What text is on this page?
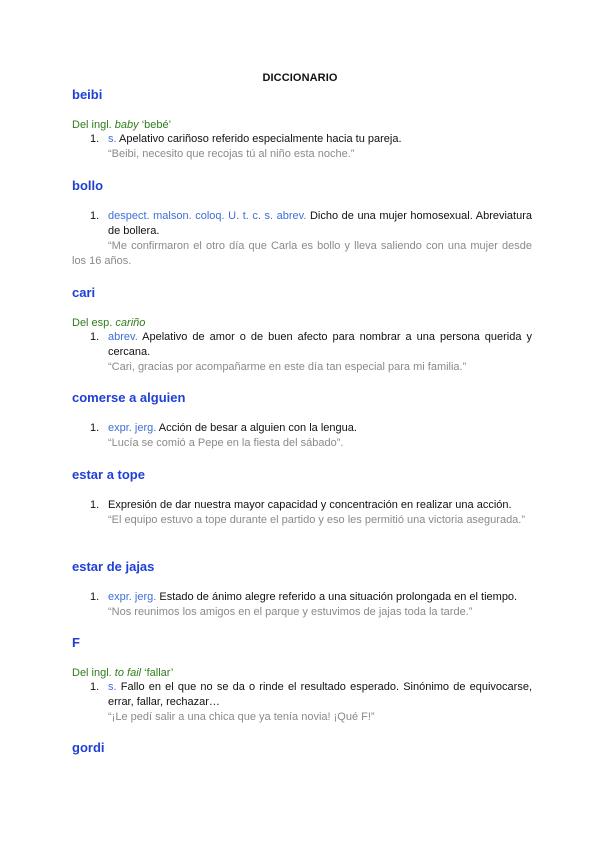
DICCIONARIO
beibi
Del ingl. baby ‘bebé’
1. s. Apelativo cariñoso referido especialmente hacia tu pareja.
“Beibi, necesito que recojas tú al niño esta noche.”
bollo
1. despect. malson. coloq. U. t. c. s. abrev. Dicho de una mujer homosexual. Abreviatura de bollera.
“Me confirmaron el otro día que Carla es bollo y lleva saliendo con una mujer desde los 16 años.
cari
Del esp. cariño
1. abrev. Apelativo de amor o de buen afecto para nombrar a una persona querida y cercana.
“Cari, gracias por acompañarme en este día tan especial para mi familia.”
comerse a alguien
1. expr. jerg. Acción de besar a alguien con la lengua.
“Lucía se comió a Pepe en la fiesta del sábado”.
estar a tope
1. Expresión de dar nuestra mayor capacidad y concentración en realizar una acción.
“El equipo estuvo a tope durante el partido y eso les permitió una victoria asegurada.”
estar de jajas
1. expr. jerg. Estado de ánimo alegre referido a una situación prolongada en el tiempo.
“Nos reunimos los amigos en el parque y estuvimos de jajas toda la tarde.”
F
Del ingl. to fail ‘fallar’
1. s. Fallo en el que no se da o rinde el resultado esperado. Sinónimo de equivocarse, errar, fallar, rechazar…
“¡Le pedí salir a una chica que ya tenía novia! ¡Qué F!”
gordi
